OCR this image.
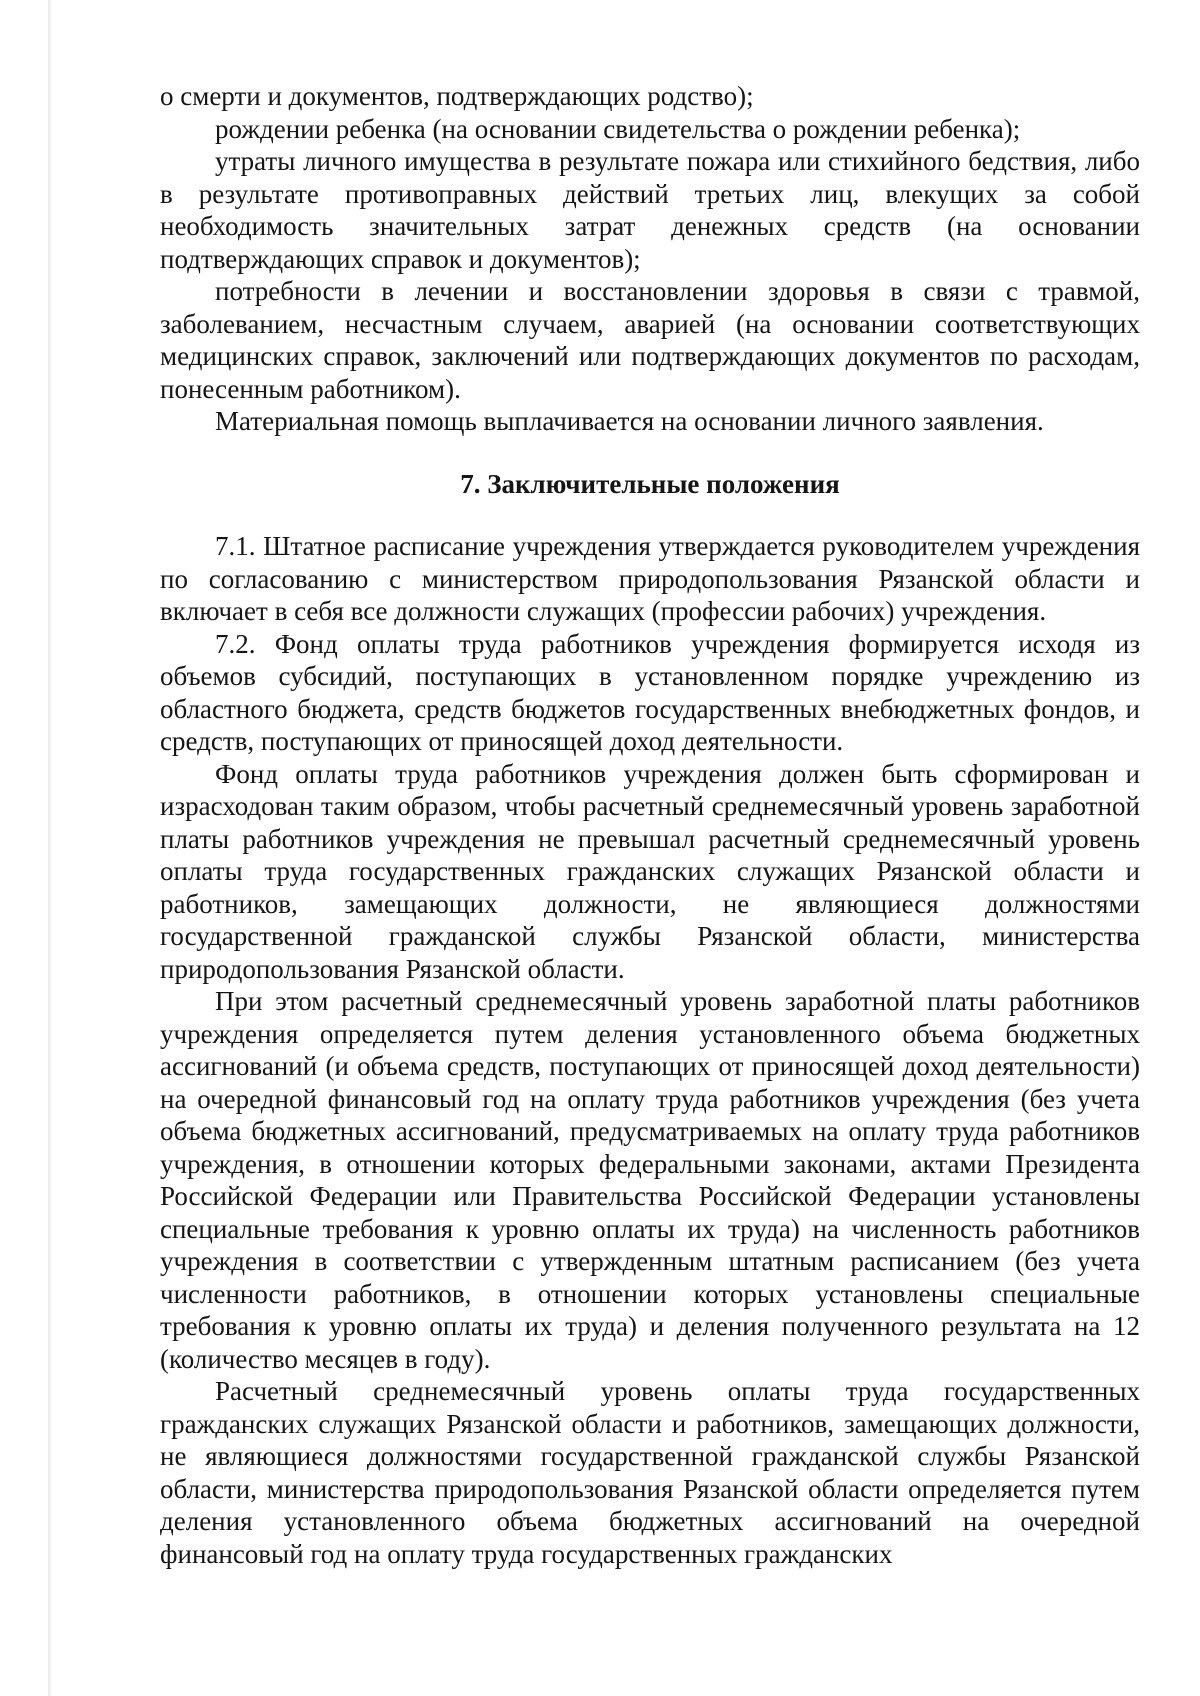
о смерти и документов, подтверждающих родство);

рождении ребенка (на основании свидетельства о рождении ребенка);

утраты личного имущества в результате пожара или стихийного бедствия, либо в результате противоправных действий третьих лиц, влекущих за собой необходимость значительных затрат денежных средств (на основании подтверждающих справок и документов);

потребности в лечении и восстановлении здоровья в связи с травмой, заболеванием, несчастным случаем, аварией (на основании соответствующих медицинских справок, заключений или подтверждающих документов по расходам, понесенным работником).

Материальная помощь выплачивается на основании личного заявления.

7. Заключительные положения

7.1. Штатное расписание учреждения утверждается руководителем учреждения по согласованию с министерством природопользования Рязанской области и включает в себя все должности служащих (профессии рабочих) учреждения.

7.2. Фонд оплаты труда работников учреждения формируется исходя из объемов субсидий, поступающих в установленном порядке учреждению из областного бюджета, средств бюджетов государственных внебюджетных фондов, и средств, поступающих от приносящей доход деятельности.

Фонд оплаты труда работников учреждения должен быть сформирован и израсходован таким образом, чтобы расчетный среднемесячный уровень заработной платы работников учреждения не превышал расчетный среднемесячный уровень оплаты труда государственных гражданских служащих Рязанской области и работников, замещающих должности, не являющиеся должностями государственной гражданской службы Рязанской области, министерства природопользования Рязанской области.

При этом расчетный среднемесячный уровень заработной платы работников учреждения определяется путем деления установленного объема бюджетных ассигнований (и объема средств, поступающих от приносящей доход деятельности) на очередной финансовый год на оплату труда работников учреждения (без учета объема бюджетных ассигнований, предусматриваемых на оплату труда работников учреждения, в отношении которых федеральными законами, актами Президента Российской Федерации или Правительства Российской Федерации установлены специальные требования к уровню оплаты их труда) на численность работников учреждения в соответствии с утвержденным штатным расписанием (без учета численности работников, в отношении которых установлены специальные требования к уровню оплаты их труда) и деления полученного результата на 12 (количество месяцев в году).

Расчетный среднемесячный уровень оплаты труда государственных гражданских служащих Рязанской области и работников, замещающих должности, не являющиеся должностями государственной гражданской службы Рязанской области, министерства природопользования Рязанской области определяется путем деления установленного объема бюджетных ассигнований на очередной финансовый год на оплату труда государственных гражданских
